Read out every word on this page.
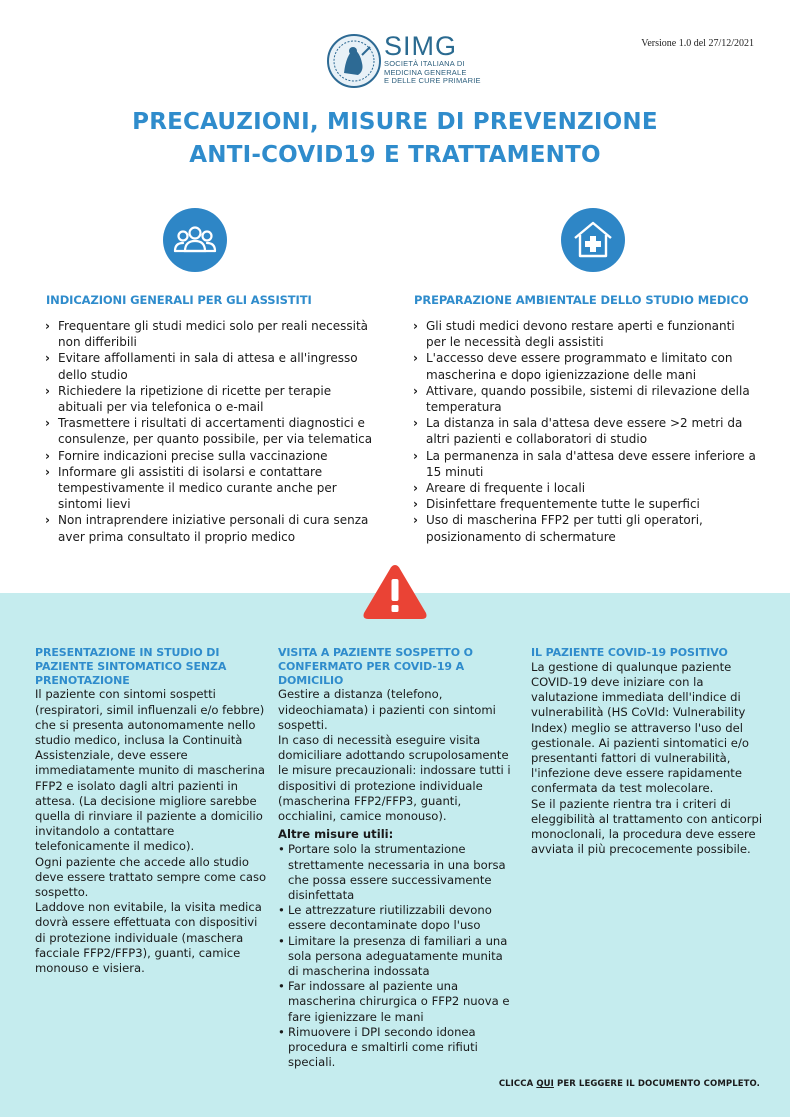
SIMG
SOCIETÀ ITALIANA DI
MEDICINA GENERALE
E DELLE CURE PRIMARIE
Versione 1.0 del 27/12/2021
PRECAUZIONI, MISURE DI PREVENZIONE
ANTI-COVID19 E TRATTAMENTO
INDICAZIONI GENERALI PER GLI ASSISTITI
› Frequentare gli studi medici solo per reali necessità non differibili
› Evitare affollamenti in sala di attesa e all'ingresso dello studio
› Richiedere la ripetizione di ricette per terapie abituali per via telefonica o e-mail
› Trasmettere i risultati di accertamenti diagnostici e consulenze, per quanto possibile, per via telematica
› Fornire indicazioni precise sulla vaccinazione
› Informare gli assistiti di isolarsi e contattare tempestivamente il medico curante anche per sintomi lievi
› Non intraprendere iniziative personali di cura senza aver prima consultato il proprio medico
PREPARAZIONE AMBIENTALE DELLO STUDIO MEDICO
› Gli studi medici devono restare aperti e funzionanti per le necessità degli assistiti
› L'accesso deve essere programmato e limitato con mascherina e dopo igienizzazione delle mani
› Attivare, quando possibile, sistemi di rilevazione della temperatura
› La distanza in sala d'attesa deve essere >2 metri da altri pazienti e collaboratori di studio
› La permanenza in sala d'attesa deve essere inferiore a 15 minuti
› Areare di frequente i locali
› Disinfettare frequentemente tutte le superfici
› Uso di mascherina FFP2 per tutti gli operatori, posizionamento di schermature
PRESENTAZIONE IN STUDIO DI PAZIENTE SINTOMATICO SENZA PRENOTAZIONE

Il paziente con sintomi sospetti (respiratori, simil influenzali e/o febbre) che si presenta autonomamente nello studio medico, inclusa la Continuità Assistenziale, deve essere immediatamente munito di mascherina FFP2 e isolato dagli altri pazienti in attesa. (La decisione migliore sarebbe quella di rinviare il paziente a domicilio invitandolo a contattare telefonicamente il medico).

Ogni paziente che accede allo studio deve essere trattato sempre come caso sospetto.

Laddove non evitabile, la visita medica dovrà essere effettuata con dispositivi di protezione individuale (maschera facciale FFP2/FFP3), guanti, camice monouso e visiera.

VISITA A PAZIENTE SOSPETTO O CONFERMATO PER COVID-19 A DOMICILIO

Gestire a distanza (telefono, videochiamata) i pazienti con sintomi sospetti.

In caso di necessità eseguire visita domiciliare adottando scrupolosamente le misure precauzionali: indossare tutti i dispositivi di protezione individuale (mascherina FFP2/FFP3, guanti, occhialini, camice monouso).

Altre misure utili:

• Portare solo la strumentazione strettamente necessaria in una borsa che possa essere successivamente disinfettata
• Le attrezzature riutilizzabili devono essere decontaminate dopo l'uso
• Limitare la presenza di familiari a una sola persona adeguatamente munita di mascherina indossata
• Far indossare al paziente una mascherina chirurgica o FFP2 nuova e fare igienizzare le mani
• Rimuovere i DPI secondo idonea procedura e smaltirli come rifiuti speciali.
IL PAZIENTE COVID-19 POSITIVO

La gestione di qualunque paziente COVID-19 deve iniziare con la valutazione immediata dell'indice di vulnerabilità (HS CoVId: Vulnerability Index) meglio se attraverso l'uso del gestionale. Ai pazienti sintomatici e/o presentanti fattori di vulnerabilità, l'infezione deve essere rapidamente confermata da test molecolare.

Se il paziente rientra tra i criteri di eleggibilità al trattamento con anticorpi monoclonali, la procedura deve essere avviata il più precocemente possibile.

CLICCA QUI PER LEGGERE IL DOCUMENTO COMPLETO.
